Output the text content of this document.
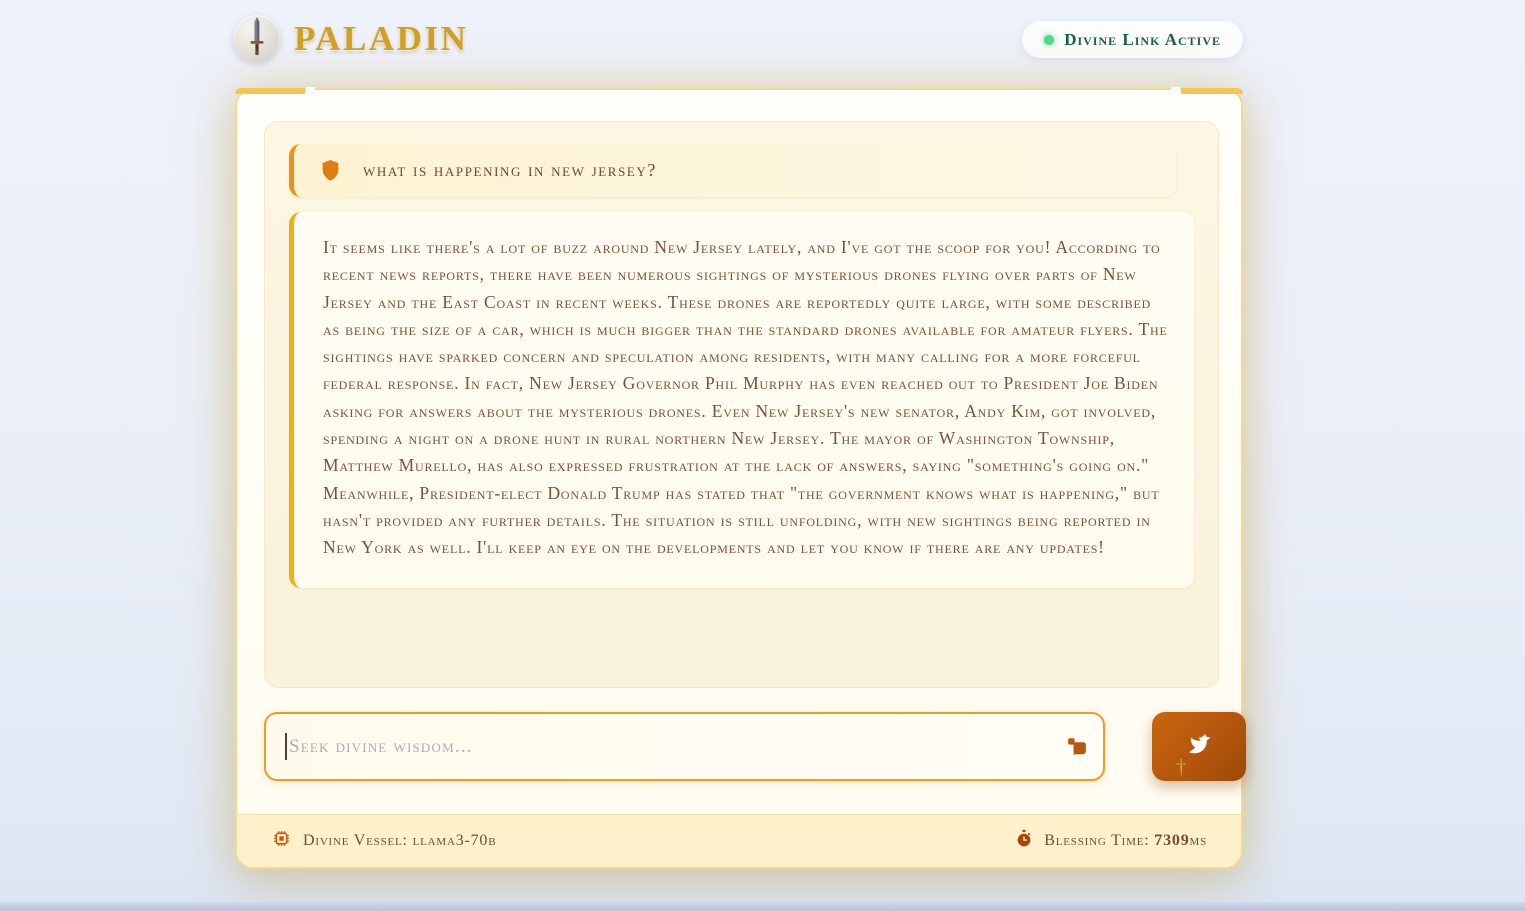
PALADIN	Divine Link Active
what is happening in new jersey?

It seems like there's a lot of buzz around New Jersey lately, and I've got the scoop for you! According to recent news reports, there have been numerous sightings of mysterious drones flying over parts of New Jersey and the East Coast in recent weeks. These drones are reportedly quite large, with some described as being the size of a car, which is much bigger than the standard drones available for amateur flyers. The sightings have sparked concern and speculation among residents, with many calling for a more forceful federal response. In fact, New Jersey Governor Phil Murphy has even reached out to President Joe Biden asking for answers about the mysterious drones. Even New Jersey's new senator, Andy Kim, got involved, spending a night on a drone hunt in rural northern New Jersey. The mayor of Washington Township, Matthew Murello, has also expressed frustration at the lack of answers, saying "something's going on." Meanwhile, President-elect Donald Trump has stated that "the government knows what is happening," but hasn't provided any further details. The situation is still unfolding, with new sightings being reported in New York as well. I'll keep an eye on the developments and let you know if there are any updates!

Seek divine wisdom...
†
Divine Vessel: llama3-70b	Blessing Time: 7309ms
